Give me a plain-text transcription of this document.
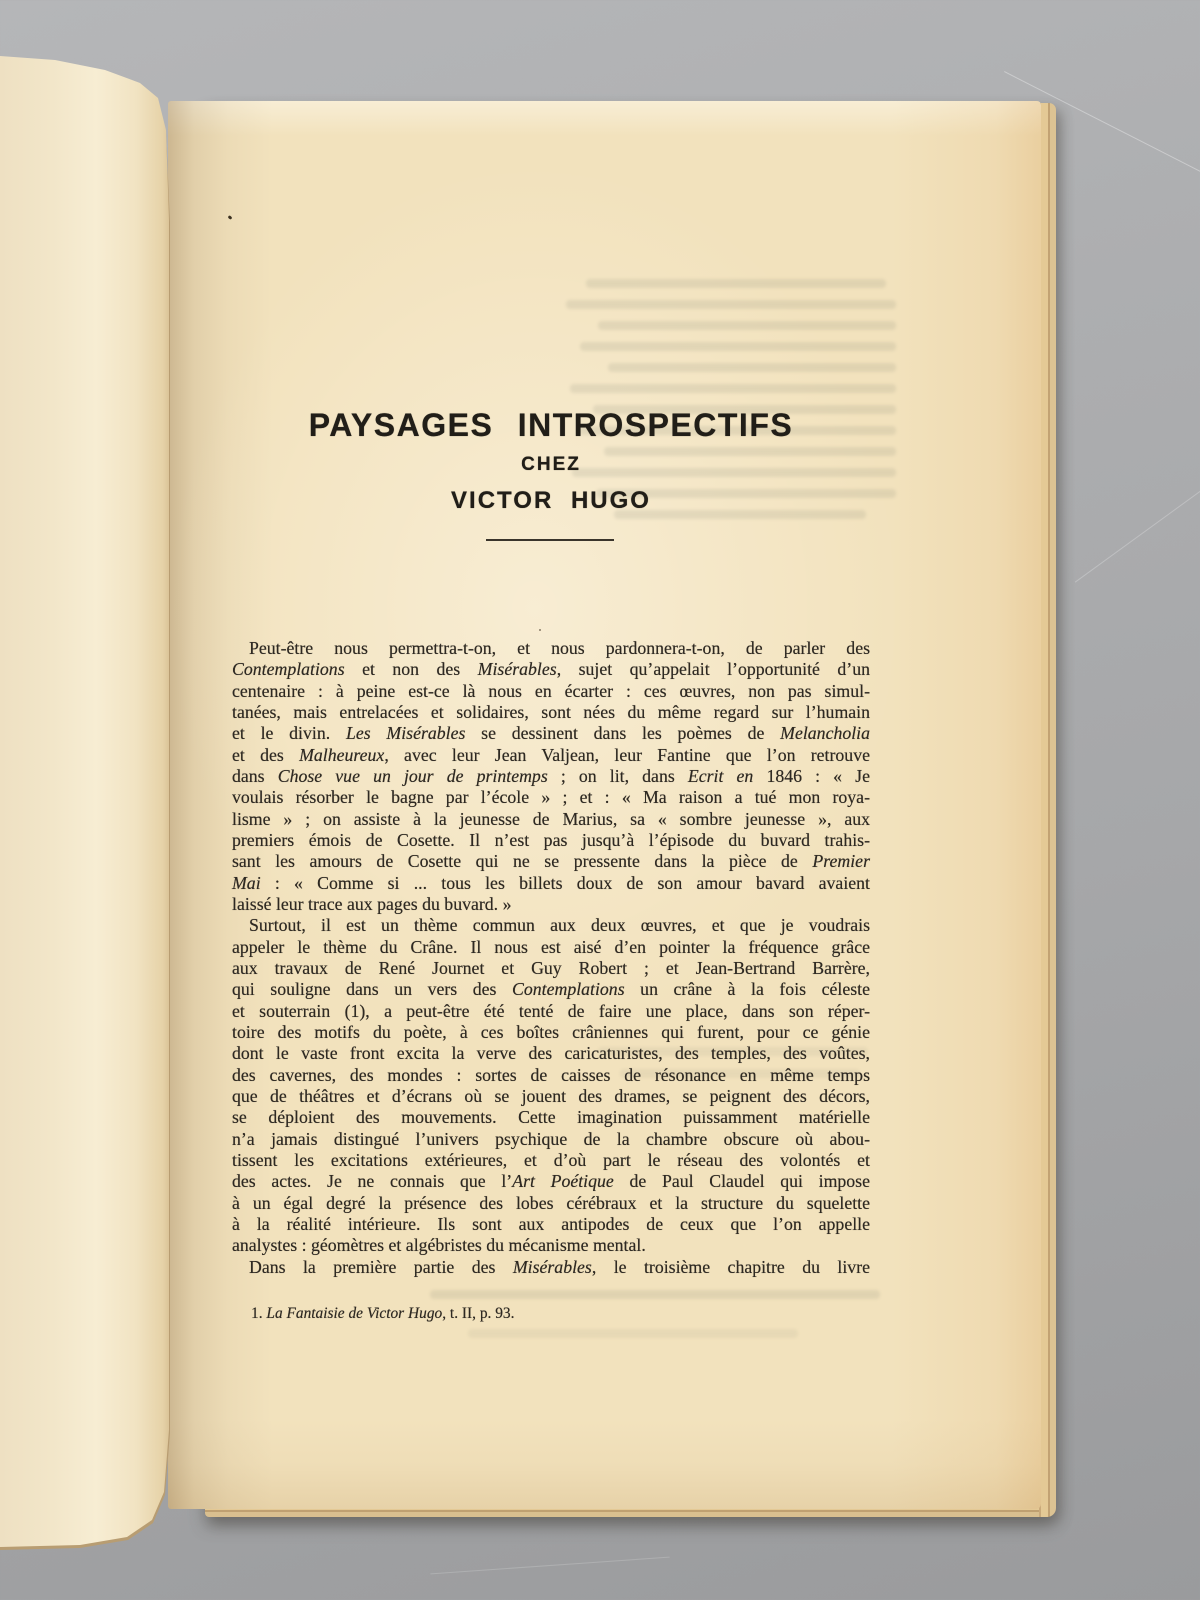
PAYSAGES INTROSPECTIFS
CHEZ
VICTOR HUGO
Peut-être nous permettra-t-on, et nous pardonnera-t-on, de parler des
Contemplations et non des Misérables, sujet qu’appelait l’opportunité d’un
centenaire : à peine est-ce là nous en écarter : ces œuvres, non pas simul-
tanées, mais entrelacées et solidaires, sont nées du même regard sur l’humain
et le divin. Les Misérables se dessinent dans les poèmes de Melancholia
et des Malheureux, avec leur Jean Valjean, leur Fantine que l’on retrouve
dans Chose vue un jour de printemps ; on lit, dans Ecrit en 1846 : « Je
voulais résorber le bagne par l’école » ; et : « Ma raison a tué mon roya-
lisme » ; on assiste à la jeunesse de Marius, sa « sombre jeunesse », aux
premiers émois de Cosette. Il n’est pas jusqu’à l’épisode du buvard trahis-
sant les amours de Cosette qui ne se pressente dans la pièce de Premier
Mai : « Comme si ... tous les billets doux de son amour bavard avaient
laissé leur trace aux pages du buvard. »
Surtout, il est un thème commun aux deux œuvres, et que je voudrais
appeler le thème du Crâne. Il nous est aisé d’en pointer la fréquence grâce
aux travaux de René Journet et Guy Robert ; et Jean-Bertrand Barrère,
qui souligne dans un vers des Contemplations un crâne à la fois céleste
et souterrain (1), a peut-être été tenté de faire une place, dans son réper-
toire des motifs du poète, à ces boîtes crâniennes qui furent, pour ce génie
dont le vaste front excita la verve des caricaturistes, des temples, des voûtes,
des cavernes, des mondes : sortes de caisses de résonance en même temps
que de théâtres et d’écrans où se jouent des drames, se peignent des décors,
se déploient des mouvements. Cette imagination puissamment matérielle
n’a jamais distingué l’univers psychique de la chambre obscure où abou-
tissent les excitations extérieures, et d’où part le réseau des volontés et
des actes. Je ne connais que l’Art Poétique de Paul Claudel qui impose
à un égal degré la présence des lobes cérébraux et la structure du squelette
à la réalité intérieure. Ils sont aux antipodes de ceux que l’on appelle
analystes : géomètres et algébristes du mécanisme mental.
Dans la première partie des Misérables, le troisième chapitre du livre
1. La Fantaisie de Victor Hugo, t. II, p. 93.
